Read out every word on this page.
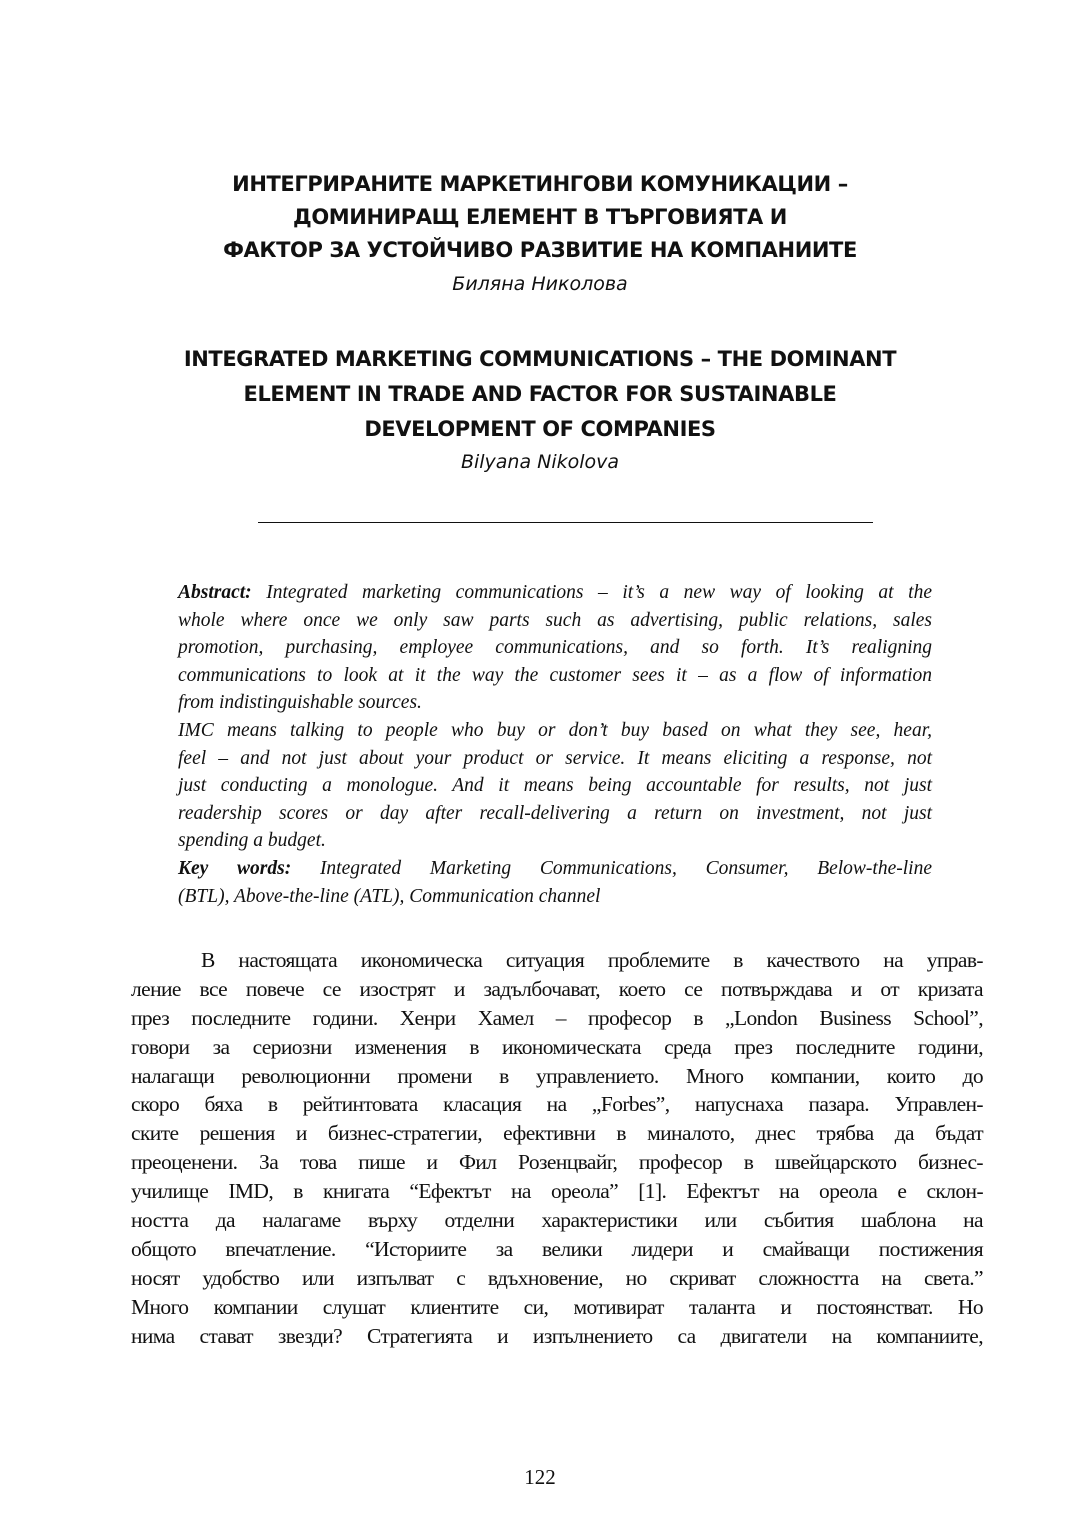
ИНТЕГРИРАНИТЕ МАРКЕТИНГОВИ КОМУНИКАЦИИ –
ДОМИНИРАЩ ЕЛЕМЕНТ В ТЪРГОВИЯТА И
ФАКТОР ЗА УСТОЙЧИВО РАЗВИТИЕ НА КОМПАНИИТЕ
Биляна Николова
INTEGRATED MARKETING COMMUNICATIONS – THE DOMINANT
ELEMENT IN TRADE AND FACTOR FOR SUSTAINABLE
DEVELOPMENT OF COMPANIES
Bilyana Nikolova
Abstract: Integrated marketing communications – it’s a new way of looking at the
whole where once we only saw parts such as advertising, public relations, sales
promotion, purchasing, employee communications, and so forth. It’s realigning
communications to look at it the way the customer sees it – as a flow of information
from indistinguishable sources.
IMC means talking to people who buy or don’t buy based on what they see, hear,
feel – and not just about your product or service. It means eliciting a response, not
just conducting a monologue. And it means being accountable for results, not just
readership scores or day after recall-delivering a return on investment, not just
spending a budget.
Key words: Integrated Marketing Communications, Consumer, Below-the-line
(BTL), Above-the-line (ATL), Communication channel
В настоящата икономическа ситуация проблемите в качеството на управ-
ление все повече се изострят и задълбочават, което се потвърждава и от кризата
през последните години. Хенри Хамел – професор в „London Business School”,
говори за сериозни изменения в икономическата среда през последните години,
налагащи революционни промени в управлението. Много компании, които до
скоро бяха в рейтинтовата класация на „Forbes”, напуснаха пазара. Управлен-
ските решения и бизнес-стратегии, ефективни в миналото, днес трябва да бъдат
преоценени. За това пише и Фил Розенцвайг, професор в швейцарското бизнес-
училище IMD, в книгата “Ефектът на ореола” [1]. Ефектът на ореола е склон-
ността да налагаме върху отделни характеристики или събития шаблона на
общото впечатление. “Историите за велики лидери и смайващи постижения
носят удобство или изпълват с вдъхновение, но скриват сложността на света.”
Много компании слушат клиентите си, мотивират таланта и постоянстват. Но
нима стават звезди? Стратегията и изпълнението са двигатели на компаниите,
122
